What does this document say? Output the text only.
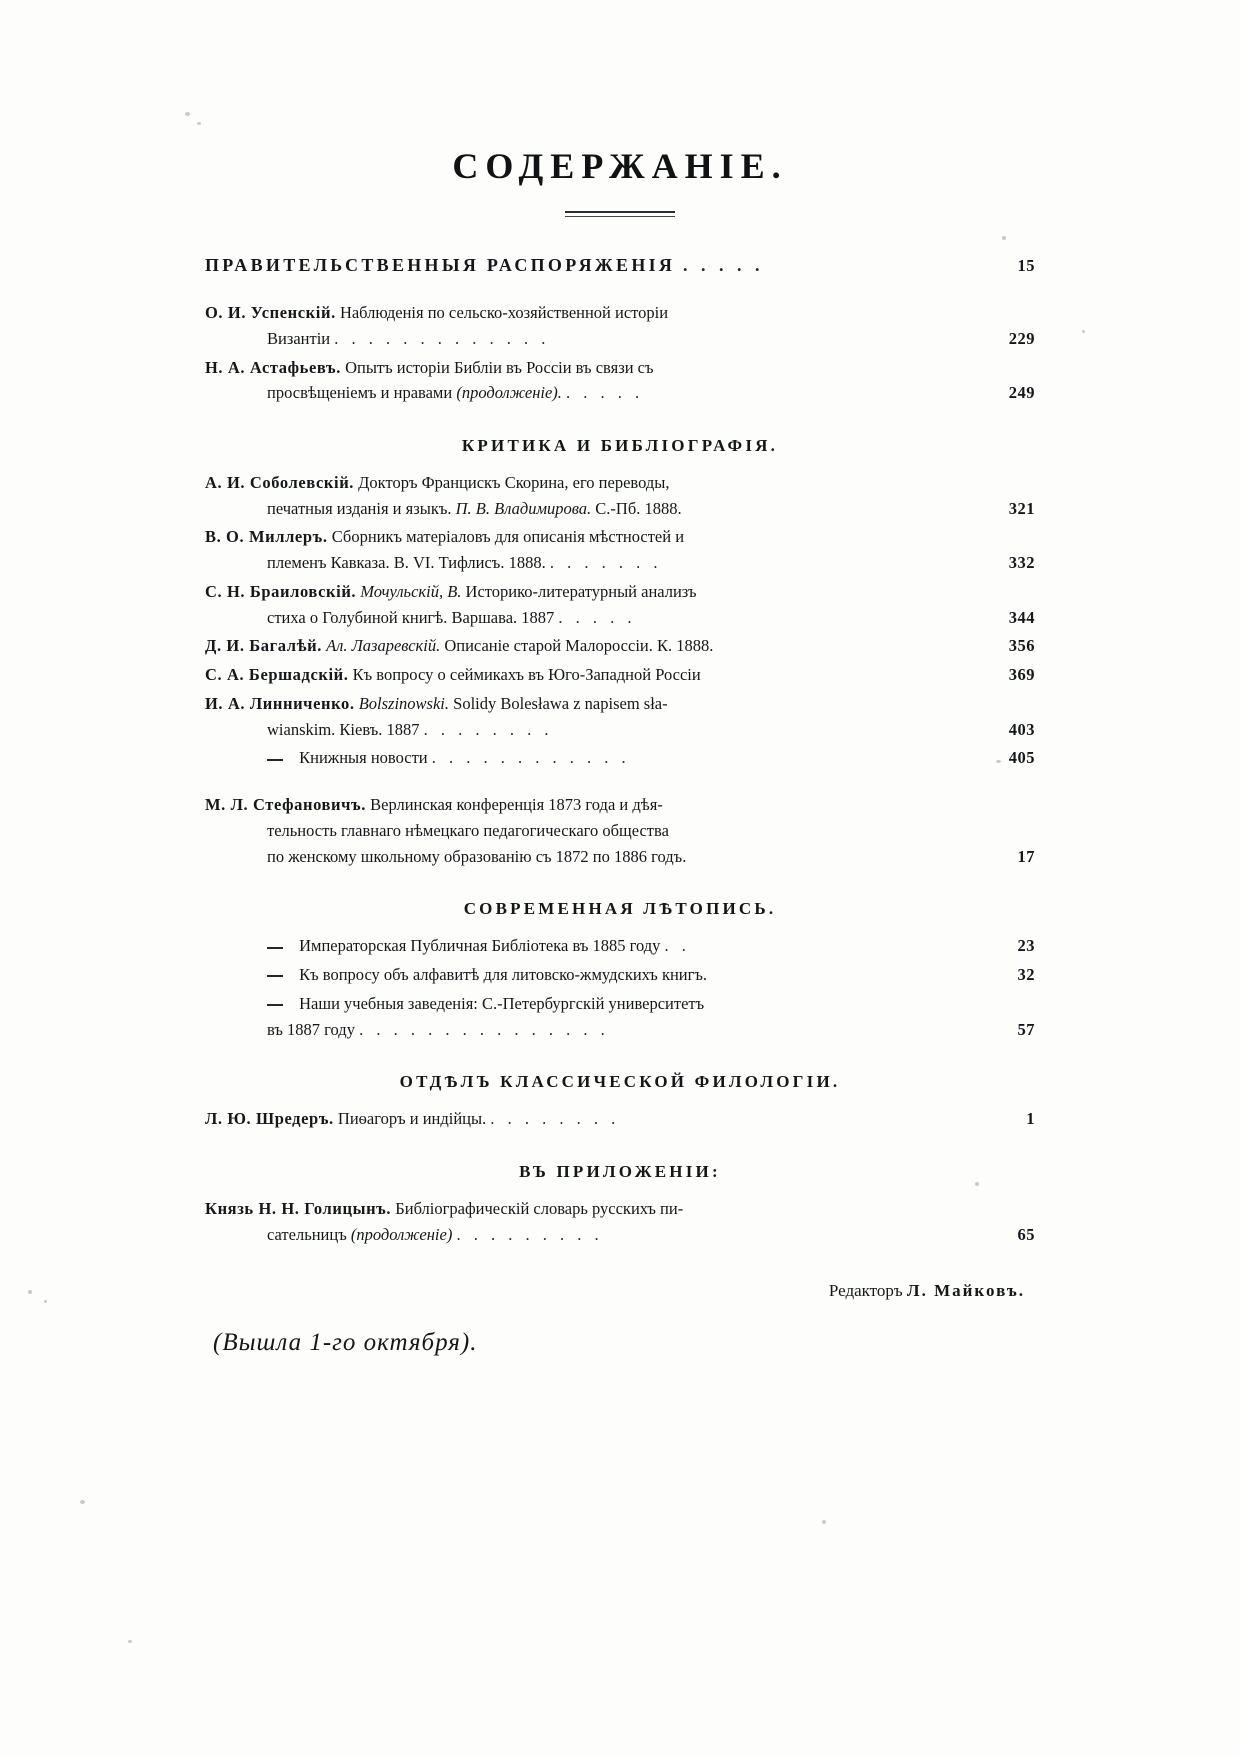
СОДЕРЖАНІЕ.
ПРАВИТЕЛЬСТВЕННЫЯ РАСПОРЯЖЕНІЯ . . . . .	15
О. И. Успенскій. Наблюденія по сельско-хозяйственной исторіи
Византіи . . . . . . . . . . . . .	229
Н. А. Астафьевъ. Опытъ исторіи Библіи въ Россіи въ связи съ
просвѣщеніемъ и нравами (продолженіе). . . . . .	249
КРИТИКА И БИБЛІОГРАФІЯ.
А. И. Соболевскій. Докторъ Францискъ Скорина, его переводы,
печатныя изданія и языкъ. П. В. Владимирова. С.-Пб. 1888.	321
В. О. Миллеръ. Сборникъ матеріаловъ для описанія мѣстностей и
племенъ Кавказа. В. VI. Тифлисъ. 1888. . . . . . . .	332
С. Н. Браиловскій. Мочульскій, В. Историко-литературный анализъ
стиха о Голубиной книгѣ. Варшава. 1887 . . . . .	344
Д. И. Багалѣй. Ал. Лазаревскій. Описаніе старой Малороссіи. К. 1888.	356
С. А. Бершадскій. Къ вопросу о сеймикахъ въ Юго-Западной Россіи	369
И. А. Линниченко. Bolszinowski. Solidy Bolesława z napisem sła-
wianskim. Кіевъ. 1887 . . . . . . . .	403
Книжныя новости . . . . . . . . . . . .	405
М. Л. Стефановичъ. Верлинская конференція 1873 года и дѣя-
тельность главнаго нѣмецкаго педагогическаго общества
по женскому школьному образованію съ 1872 по 1886 годъ.	17
СОВРЕМЕННАЯ ЛѢТОПИСЬ.
Императорская Публичная Библіотека въ 1885 году . .	23
Къ вопросу объ алфавитѣ для литовско-жмудскихъ книгъ.	32
Наши учебныя заведенія: С.-Петербургскій университетъ
въ 1887 году . . . . . . . . . . . . . . .	57
ОТДѢЛЪ КЛАССИЧЕСКОЙ ФИЛОЛОГІИ.
Л. Ю. Шредеръ. Пиѳагоръ и индійцы. . . . . . . . .	1
ВЪ ПРИЛОЖЕНІИ:
Князь Н. Н. Голицынъ. Библіографическій словарь русскихъ пи-
сательницъ (продолженіе) . . . . . . . . .	65
Редакторъ Л. Майковъ.
(Вышла 1-го октября).
